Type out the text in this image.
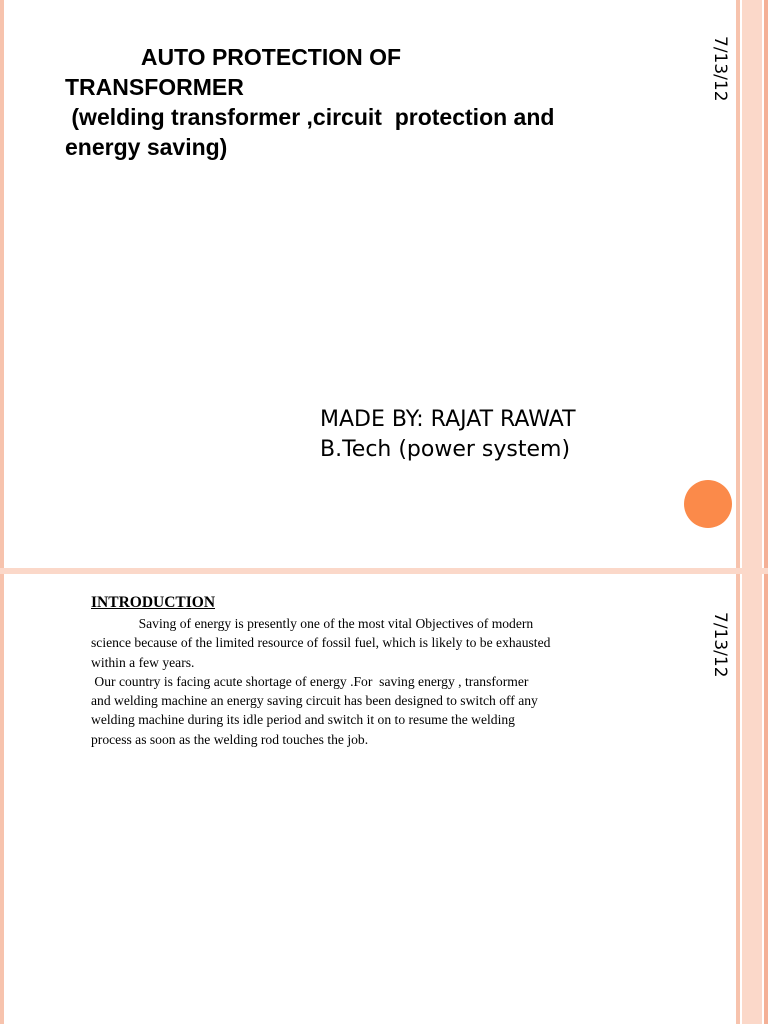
AUTO PROTECTION OF
TRANSFORMER
(welding transformer ,circuit  protection and
energy saving)
7/13/12
MADE BY: RAJAT RAWAT
B.Tech (power system)
INTRODUCTION
7/13/12
Saving of energy is presently one of the most vital Objectives of modern
science because of the limited resource of fossil fuel, which is likely to be exhausted
within a few years.
Our country is facing acute shortage of energy .For  saving energy , transformer
and welding machine an energy saving circuit has been designed to switch off any
welding machine during its idle period and switch it on to resume the welding
process as soon as the welding rod touches the job.
